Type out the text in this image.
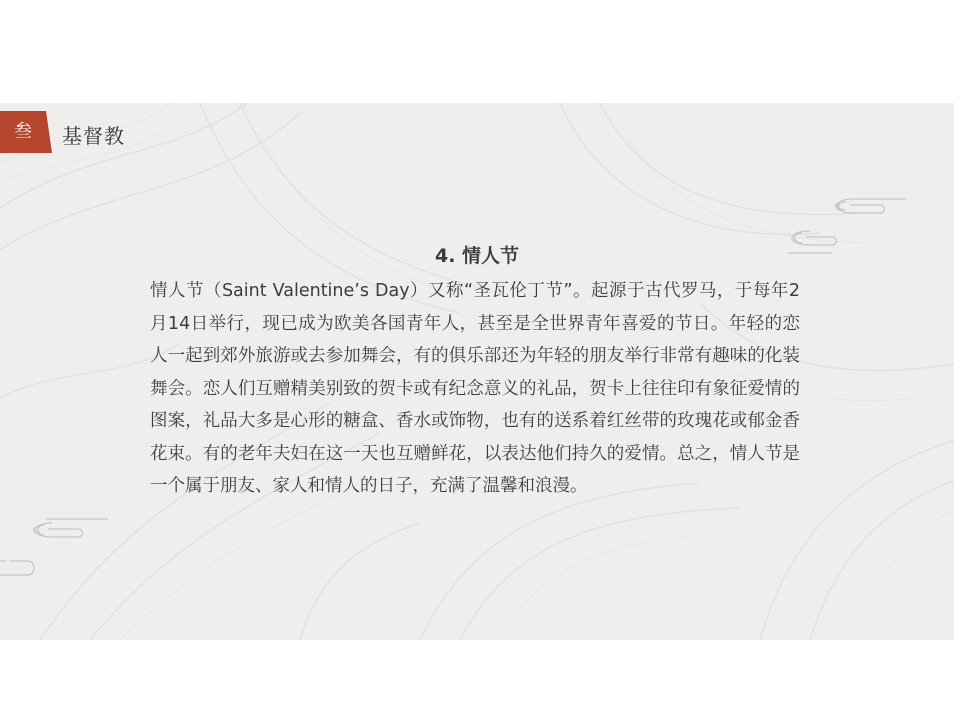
叁	基督教
4. 情人节

情人节（Saint Valentine’s Day）又称“圣瓦伦丁节”。起源于古代罗马，于每年2月14日举行，现已成为欧美各国青年人，甚至是全世界青年喜爱的节日。年轻的恋人一起到郊外旅游或去参加舞会，有的俱乐部还为年轻的朋友举行非常有趣味的化装舞会。恋人们互赠精美别致的贺卡或有纪念意义的礼品，贺卡上往往印有象征爱情的图案，礼品大多是心形的糖盒、香水或饰物，也有的送系着红丝带的玫瑰花或郁金香花束。有的老年夫妇在这一天也互赠鲜花，以表达他们持久的爱情。总之，情人节是一个属于朋友、家人和情人的日子，充满了温馨和浪漫。
